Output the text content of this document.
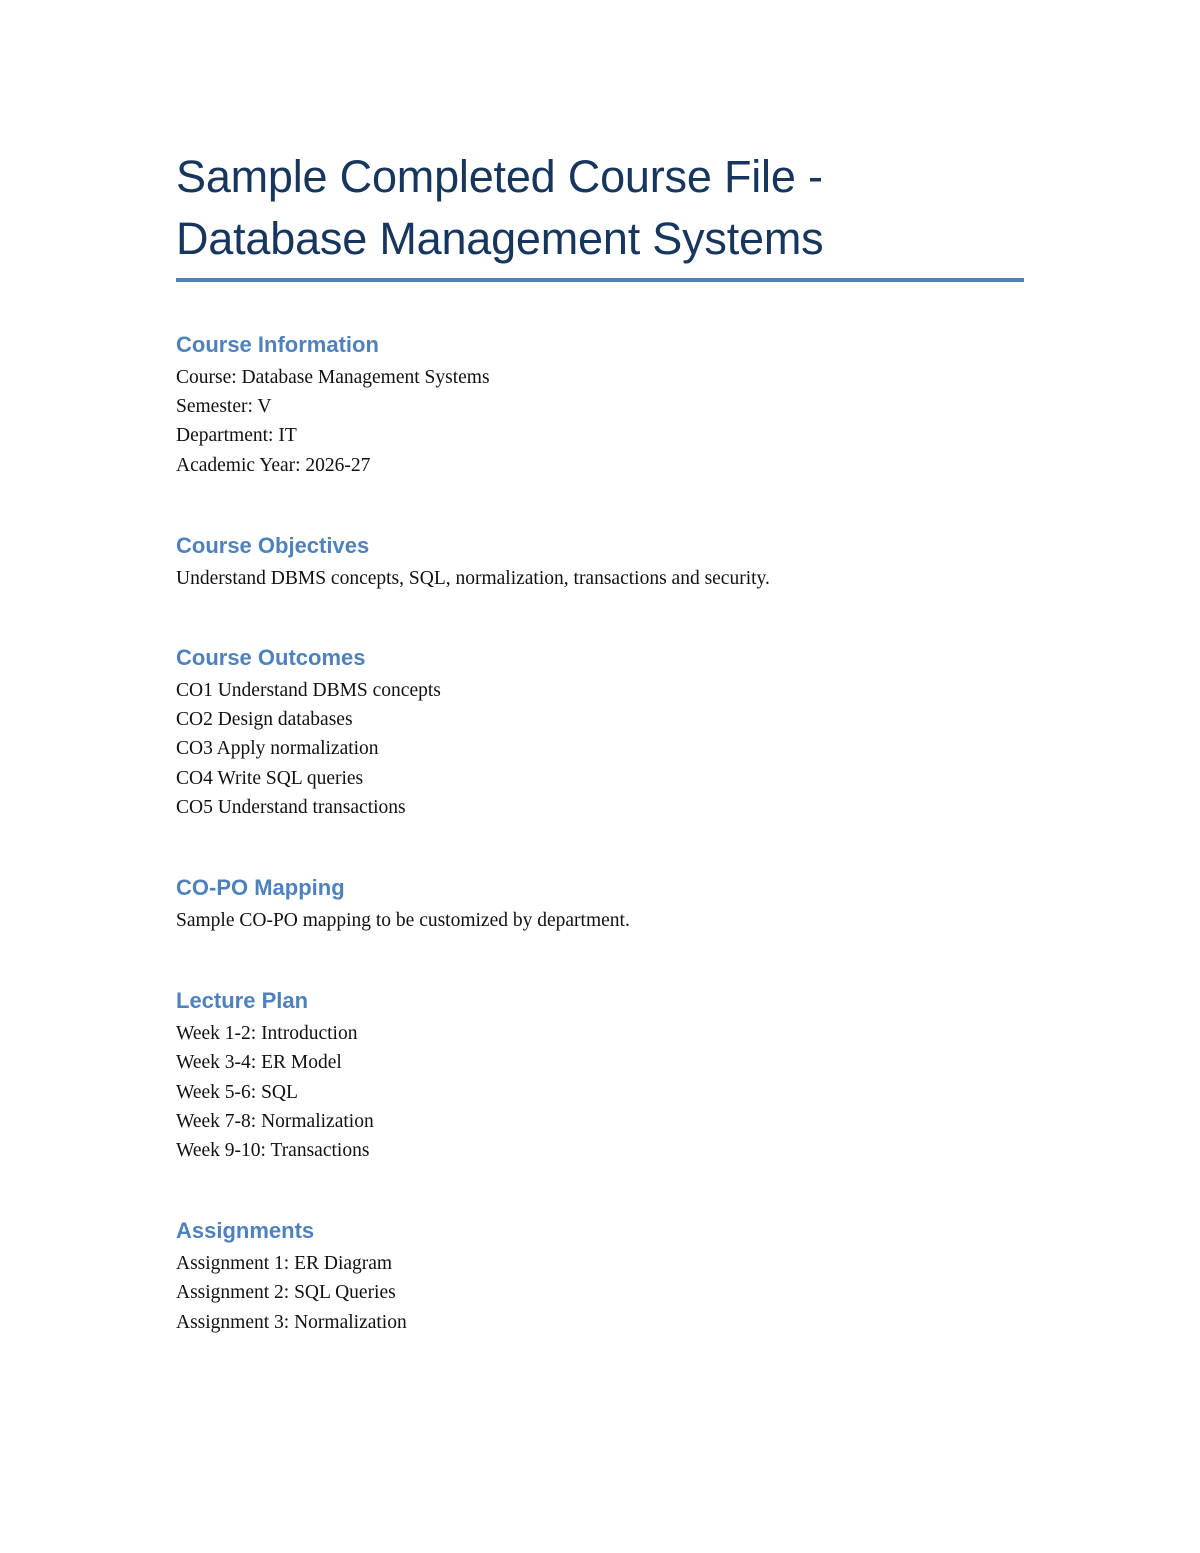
Sample Completed Course File -
Database Management Systems
Course Information

Course: Database Management Systems

Semester: V

Department: IT

Academic Year: 2026-27

Course Objectives

Understand DBMS concepts, SQL, normalization, transactions and security.

Course Outcomes

CO1 Understand DBMS concepts

CO2 Design databases

CO3 Apply normalization

CO4 Write SQL queries

CO5 Understand transactions

CO-PO Mapping

Sample CO-PO mapping to be customized by department.

Lecture Plan

Week 1-2: Introduction

Week 3-4: ER Model

Week 5-6: SQL

Week 7-8: Normalization

Week 9-10: Transactions

Assignments

Assignment 1: ER Diagram

Assignment 2: SQL Queries

Assignment 3: Normalization
